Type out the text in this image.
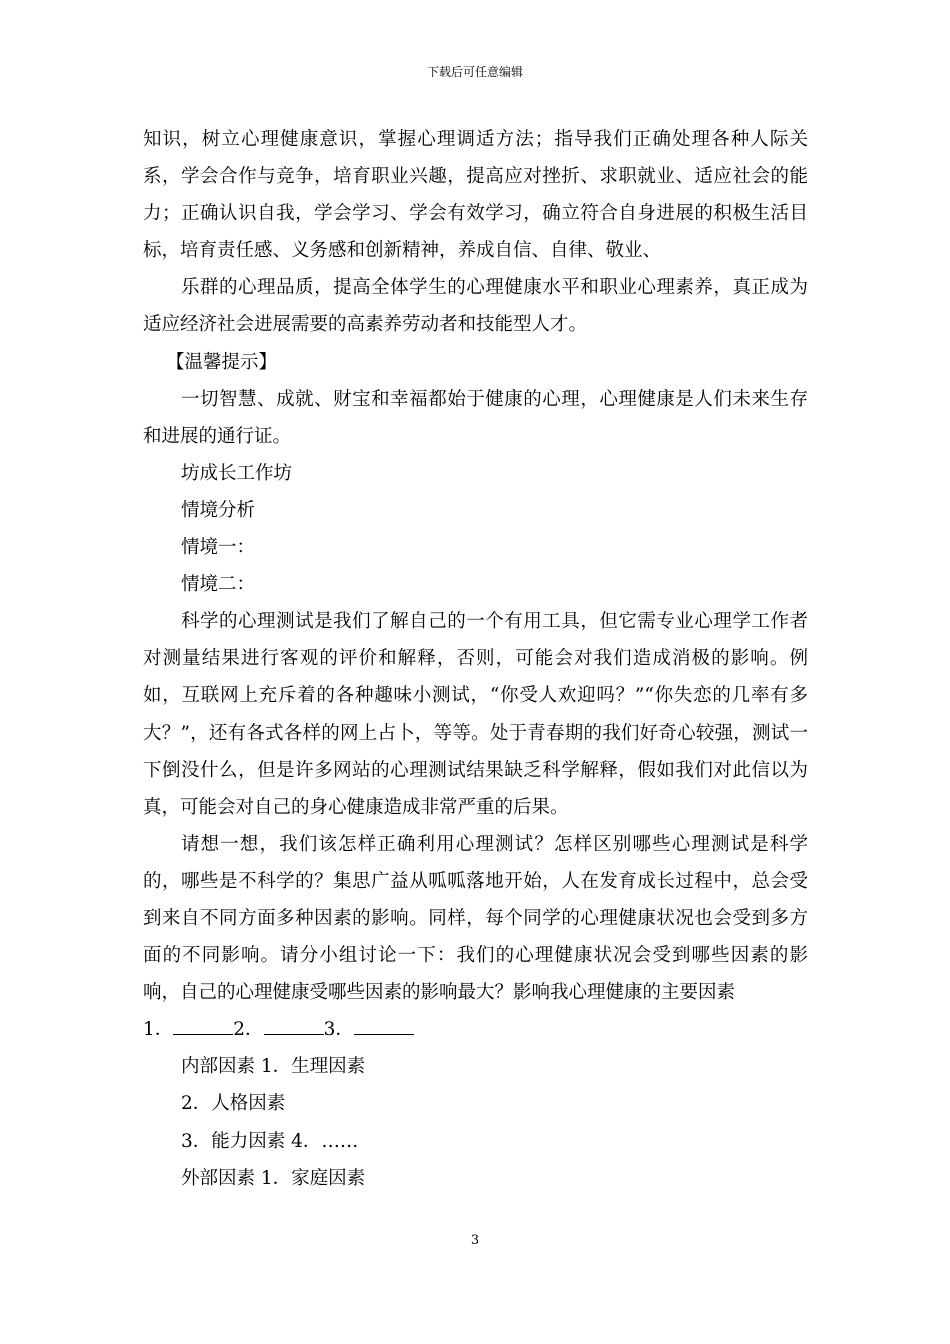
下载后可任意编辑

知识，树立心理健康意识，掌握心理调适方法；指导我们正确处理各种人际关系，学会合作与竞争，培育职业兴趣，提高应对挫折、求职就业、适应社会的能力；正确认识自我，学会学习、学会有效学习，确立符合自身进展的积极生活目标，培育责任感、义务感和创新精神，养成自信、自律、敬业、

乐群的心理品质，提高全体学生的心理健康水平和职业心理素养，真正成为适应经济社会进展需要的高素养劳动者和技能型人才。

【温馨提示】

一切智慧、成就、财宝和幸福都始于健康的心理，心理健康是人们未来生存和进展的通行证。

坊成长工作坊

情境分析

情境一：

情境二：

科学的心理测试是我们了解自己的一个有用工具，但它需专业心理学工作者对测量结果进行客观的评价和解释，否则，可能会对我们造成消极的影响。例如，互联网上充斥着的各种趣味小测试，“你受人欢迎吗？”“你失恋的几率有多大？”，还有各式各样的网上占卜，等等。处于青春期的我们好奇心较强，测试一下倒没什么，但是许多网站的心理测试结果缺乏科学解释，假如我们对此信以为真，可能会对自己的身心健康造成非常严重的后果。

请想一想，我们该怎样正确利用心理测试？怎样区别哪些心理测试是科学的，哪些是不科学的？集思广益从呱呱落地开始，人在发育成长过程中，总会受到来自不同方面多种因素的影响。同样，每个同学的心理健康状况也会受到多方面的不同影响。请分小组讨论一下：我们的心理健康状况会受到哪些因素的影响，自己的心理健康受哪些因素的影响最大？影响我心理健康的主要因素

1．	2．	3．

内部因素 1．生理因素

2．人格因素

3．能力因素 4．……

外部因素 1．家庭因素

3
